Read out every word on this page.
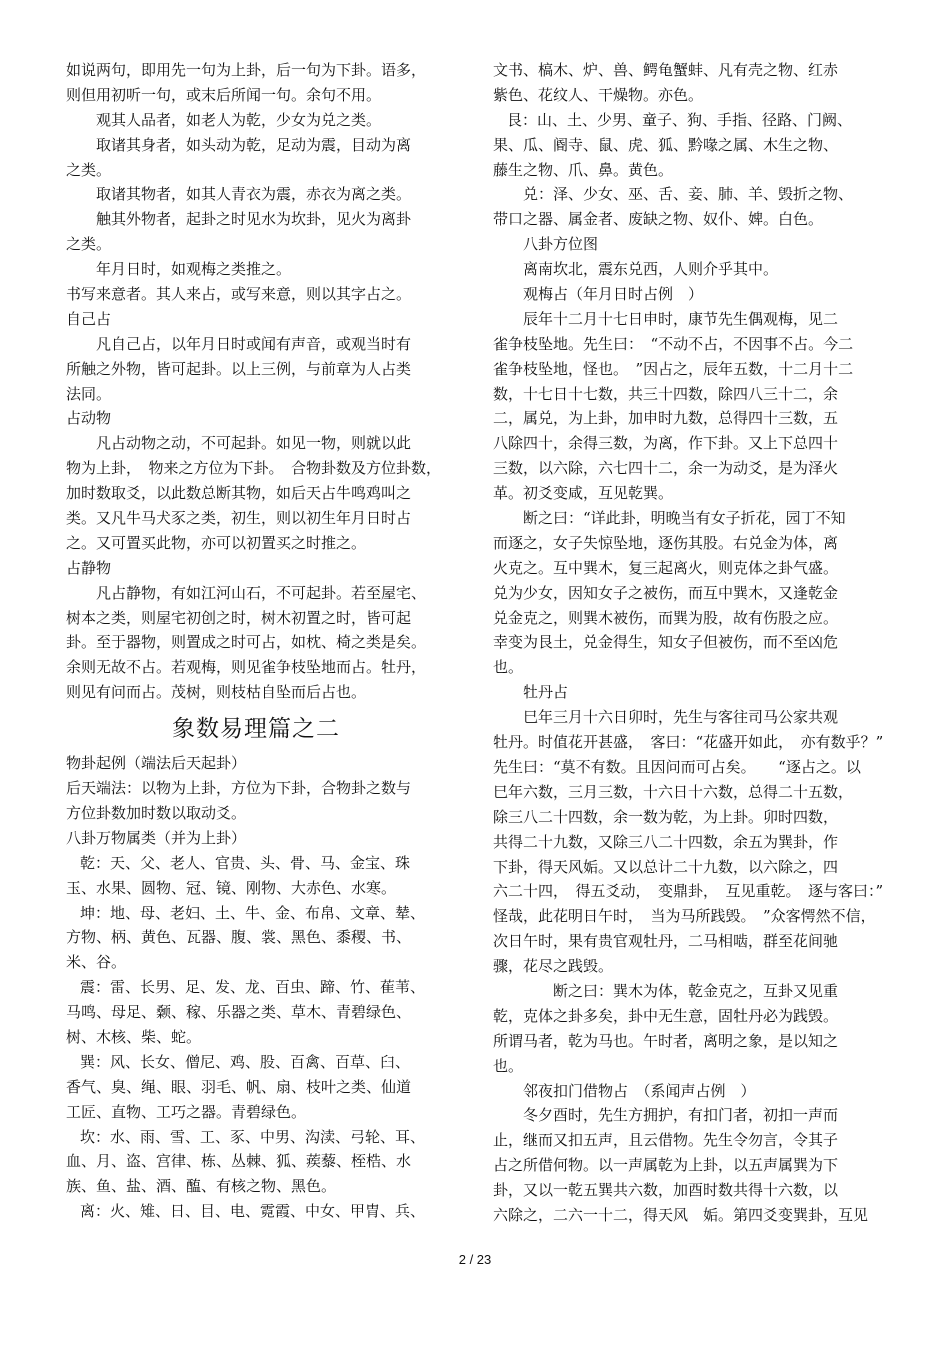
如说两句，即用先一句为上卦，后一句为下卦。语多，
则但用初听一句，或末后所闻一句。余句不用。
观其人品者，如老人为乾，少女为兑之类。
取诸其身者，如头动为乾，足动为震，目动为离
之类。
取诸其物者，如其人青衣为震，赤衣为离之类。
触其外物者，起卦之时见水为坎卦，见火为离卦
之类。
年月日时，如观梅之类推之。
书写来意者。其人来占，或写来意，则以其字占之。
自己占
凡自己占，以年月日时或闻有声音，或观当时有
所触之外物，皆可起卦。以上三例，与前章为人占类
法同。
占动物
凡占动物之动，不可起卦。如见一物，则就以此
物为上卦，　物来之方位为下卦。　合物卦数及方位卦数，
加时数取爻，以此数总断其物，如后天占牛鸣鸡叫之
类。又凡牛马犬豕之类，初生，则以初生年月日时占
之。又可置买此物，亦可以初置买之时推之。
占静物
凡占静物，有如江河山石，不可起卦。若至屋宅、
树本之类，则屋宅初创之时，树木初置之时，皆可起
卦。至于器物，则置成之时可占，如枕、椅之类是矣。
余则无故不占。若观梅，则见雀争枝坠地而占。牡丹，
则见有问而占。茂树，则枝枯自坠而后占也。
象数易理篇之二
物卦起例（端法后天起卦）
后天端法：以物为上卦，方位为下卦，合物卦之数与
方位卦数加时数以取动爻。
八卦万物属类（并为上卦）
乾：天、父、老人、官贵、头、骨、马、金宝、珠
玉、水果、圆物、冠、镜、刚物、大赤色、水寒。
坤：地、母、老妇、土、牛、金、布帛、文章、辇、
方物、柄、黄色、瓦器、腹、裳、黑色、黍稷、书、
米、谷。
震：雷、长男、足、发、龙、百虫、蹄、竹、萑苇、
马鸣、母足、颡、稼、乐器之类、草木、青碧绿色、
树、木核、柴、蛇。
巽：风、长女、僧尼、鸡、股、百禽、百草、臼、
香气、臭、绳、眼、羽毛、帆、扇、枝叶之类、仙道
工匠、直物、工巧之器。青碧绿色。
坎：水、雨、雪、工、豕、中男、沟渎、弓轮、耳、
血、月、盗、宫律、栋、丛棘、狐、蒺藜、桎梏、水
族、鱼、盐、酒、醢、有核之物、黑色。
离：火、雉、日、目、电、霓霞、中女、甲胄、兵、
文书、槁木、炉、兽、鳄龟蟹蚌、凡有壳之物、红赤
紫色、花纹人、干燥物。亦色。
艮：山、土、少男、童子、狗、手指、径路、门阙、
果、瓜、阍寺、鼠、虎、狐、黔喙之属、木生之物、
藤生之物、爪、鼻。黄色。
兑：泽、少女、巫、舌、妾、肺、羊、毁折之物、
带口之器、属金者、废缺之物、奴仆、婢。白色。
八卦方位图
离南坎北，震东兑西，人则介乎其中。
观梅占（年月日时占例　）
辰年十二月十七日申时，康节先生偶观梅，见二
雀争枝坠地。先生曰：　“不动不占，不因事不占。今二
雀争枝坠地，怪也。　”因占之，辰年五数，十二月十二
数，十七日十七数，共三十四数，除四八三十二，余
二，属兑，为上卦，加申时九数，总得四十三数，五
八除四十，余得三数，为离，作下卦。又上下总四十
三数，以六除，六七四十二，余一为动爻，是为泽火
革。初爻变咸，互见乾巽。
断之曰：“详此卦，明晚当有女子折花，园丁不知
而逐之，女子失惊坠地，逐伤其股。右兑金为体，离
火克之。互中巽木，复三起离火，则克体之卦气盛。
兑为少女，因知女子之被伤，而互中巽木，又逢乾金
兑金克之，则巽木被伤，而巽为股，故有伤股之应。
幸变为艮土，兑金得生，知女子但被伤，而不至凶危
也。
牡丹占
巳年三月十六日卯时，先生与客往司马公家共观
牡丹。时值花开甚盛，　客曰：“花盛开如此，　亦有数乎？”
先生曰：“莫不有数。且因问而可占矣。　　“逐占之。以
巳年六数，三月三数，十六日十六数，总得二十五数，
除三八二十四数，余一数为乾，为上卦。卯时四数，
共得二十九数，又除三八二十四数，余五为巽卦，作
下卦，得天风姤。又以总计二十九数，以六除之，四
六二十四，　得五爻动，　变鼎卦，　互见重乾。　逐与客曰：”
怪哉，此花明日午时，　当为马所践毁。　”众客愕然不信，
次日午时，果有贵官观牡丹，二马相啮，群至花间驰
骤，花尽之践毁。
断之曰：巽木为体，乾金克之，互卦又见重
乾，克体之卦多矣，卦中无生意，固牡丹必为践毁。
所谓马者，乾为马也。午时者，离明之象，是以知之
也。
邻夜扣门借物占　（系闻声占例　）
冬夕酉时，先生方拥护，有扣门者，初扣一声而
止，继而又扣五声，且云借物。先生令勿言，令其子
占之所借何物。以一声属乾为上卦，以五声属巽为下
卦，又以一乾五巽共六数，加酉时数共得十六数，以
六除之，二六一十二，得天风　姤。第四爻变巽卦，互见
2 / 23
